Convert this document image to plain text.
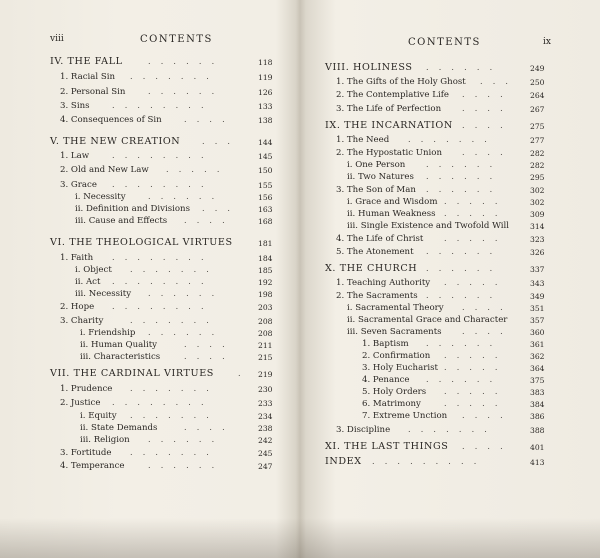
viii	CONTENTS
IV. THE FALL	118
1. Racial Sin	119
2. Personal Sin	126
3. Sins	133
4. Consequences of Sin	138
V. THE NEW CREATION	144
1. Law	145
2. Old and New Law	150
3. Grace	155
i. Necessity	156
ii. Definition and Divisions	163
iii. Cause and Effects	168
VI. THE THEOLOGICAL VIRTUES	181
1. Faith	184
i. Object	185
ii. Act	192
iii. Necessity	198
2. Hope	203
3. Charity	208
i. Friendship	208
ii. Human Quality	211
iii. Characteristics	215
VII. THE CARDINAL VIRTUES	219
1. Prudence	230
2. Justice	233
i. Equity	234
ii. State Demands	238
iii. Religion	242
3. Fortitude	245
4. Temperance	247
.    .    .    .    .    .
.    .    .    .    .    .    .
.    .    .    .    .    .
.    .    .    .    .    .    .    .
.    .    .    .
.    .    .
.    .    .    .    .    .    .    .
.    .    .    .    .
.    .    .    .    .    .    .    .
.    .    .    .    .    .
.    .    .
.    .    .    .
.    .    .    .    .    .    .    .
.    .    .    .    .    .    .
.    .    .    .    .    .    .    .
.    .    .    .    .    .
.    .    .    .    .    .    .    .
.    .    .    .    .    .    .
.    .    .    .    .    .
.    .    .    .
.    .    .    .
.
.    .    .    .    .    .    .
.    .    .    .    .    .    .    .
.    .    .    .    .    .    .
.    .    .    .
.    .    .    .    .    .
.    .    .    .    .    .    .
.    .    .    .    .    .
CONTENTS	ix
VIII. HOLINESS	249
1. The Gifts of the Holy Ghost	250
2. The Contemplative Life	264
3. The Life of Perfection	267
IX. THE INCARNATION	275
1. The Need	277
2. The Hypostatic Union	282
i. One Person	282
ii. Two Natures	295
3. The Son of Man	302
i. Grace and Wisdom	302
ii. Human Weakness	309
iii. Single Existence and Twofold Will	314
4. The Life of Christ	323
5. The Atonement	326
X. THE CHURCH	337
1. Teaching Authority	343
2. The Sacraments	349
i. Sacramental Theory	351
ii. Sacramental Grace and Character	357
iii. Seven Sacraments	360
1. Baptism	361
2. Confirmation	362
3. Holy Eucharist	364
4. Penance	375
5. Holy Orders	383
6. Matrimony	384
7. Extreme Unction	386
3. Discipline	388
XI. THE LAST THINGS	401
INDEX	413
.    .    .    .    .    .
.    .    .
.    .    .    .
.    .    .    .
.    .    .    .
.    .    .    .    .    .    .
.    .    .    .
.    .    .    .    .    .
.    .    .    .    .    .
.    .    .    .    .    .
.    .    .    .    .
.    .    .    .    .
.    .    .    .    .
.    .    .    .    .    .
.    .    .    .    .    .
.    .    .    .    .
.    .    .    .    .    .
.    .    .    .
.    .    .    .
.    .    .    .    .    .
.    .    .    .    .
.    .    .    .    .
.    .    .    .    .    .
.    .    .    .    .
.    .    .    .    .
.    .    .    .
.    .    .    .    .    .    .
.    .    .    .
.    .    .    .    .    .    .    .    .
